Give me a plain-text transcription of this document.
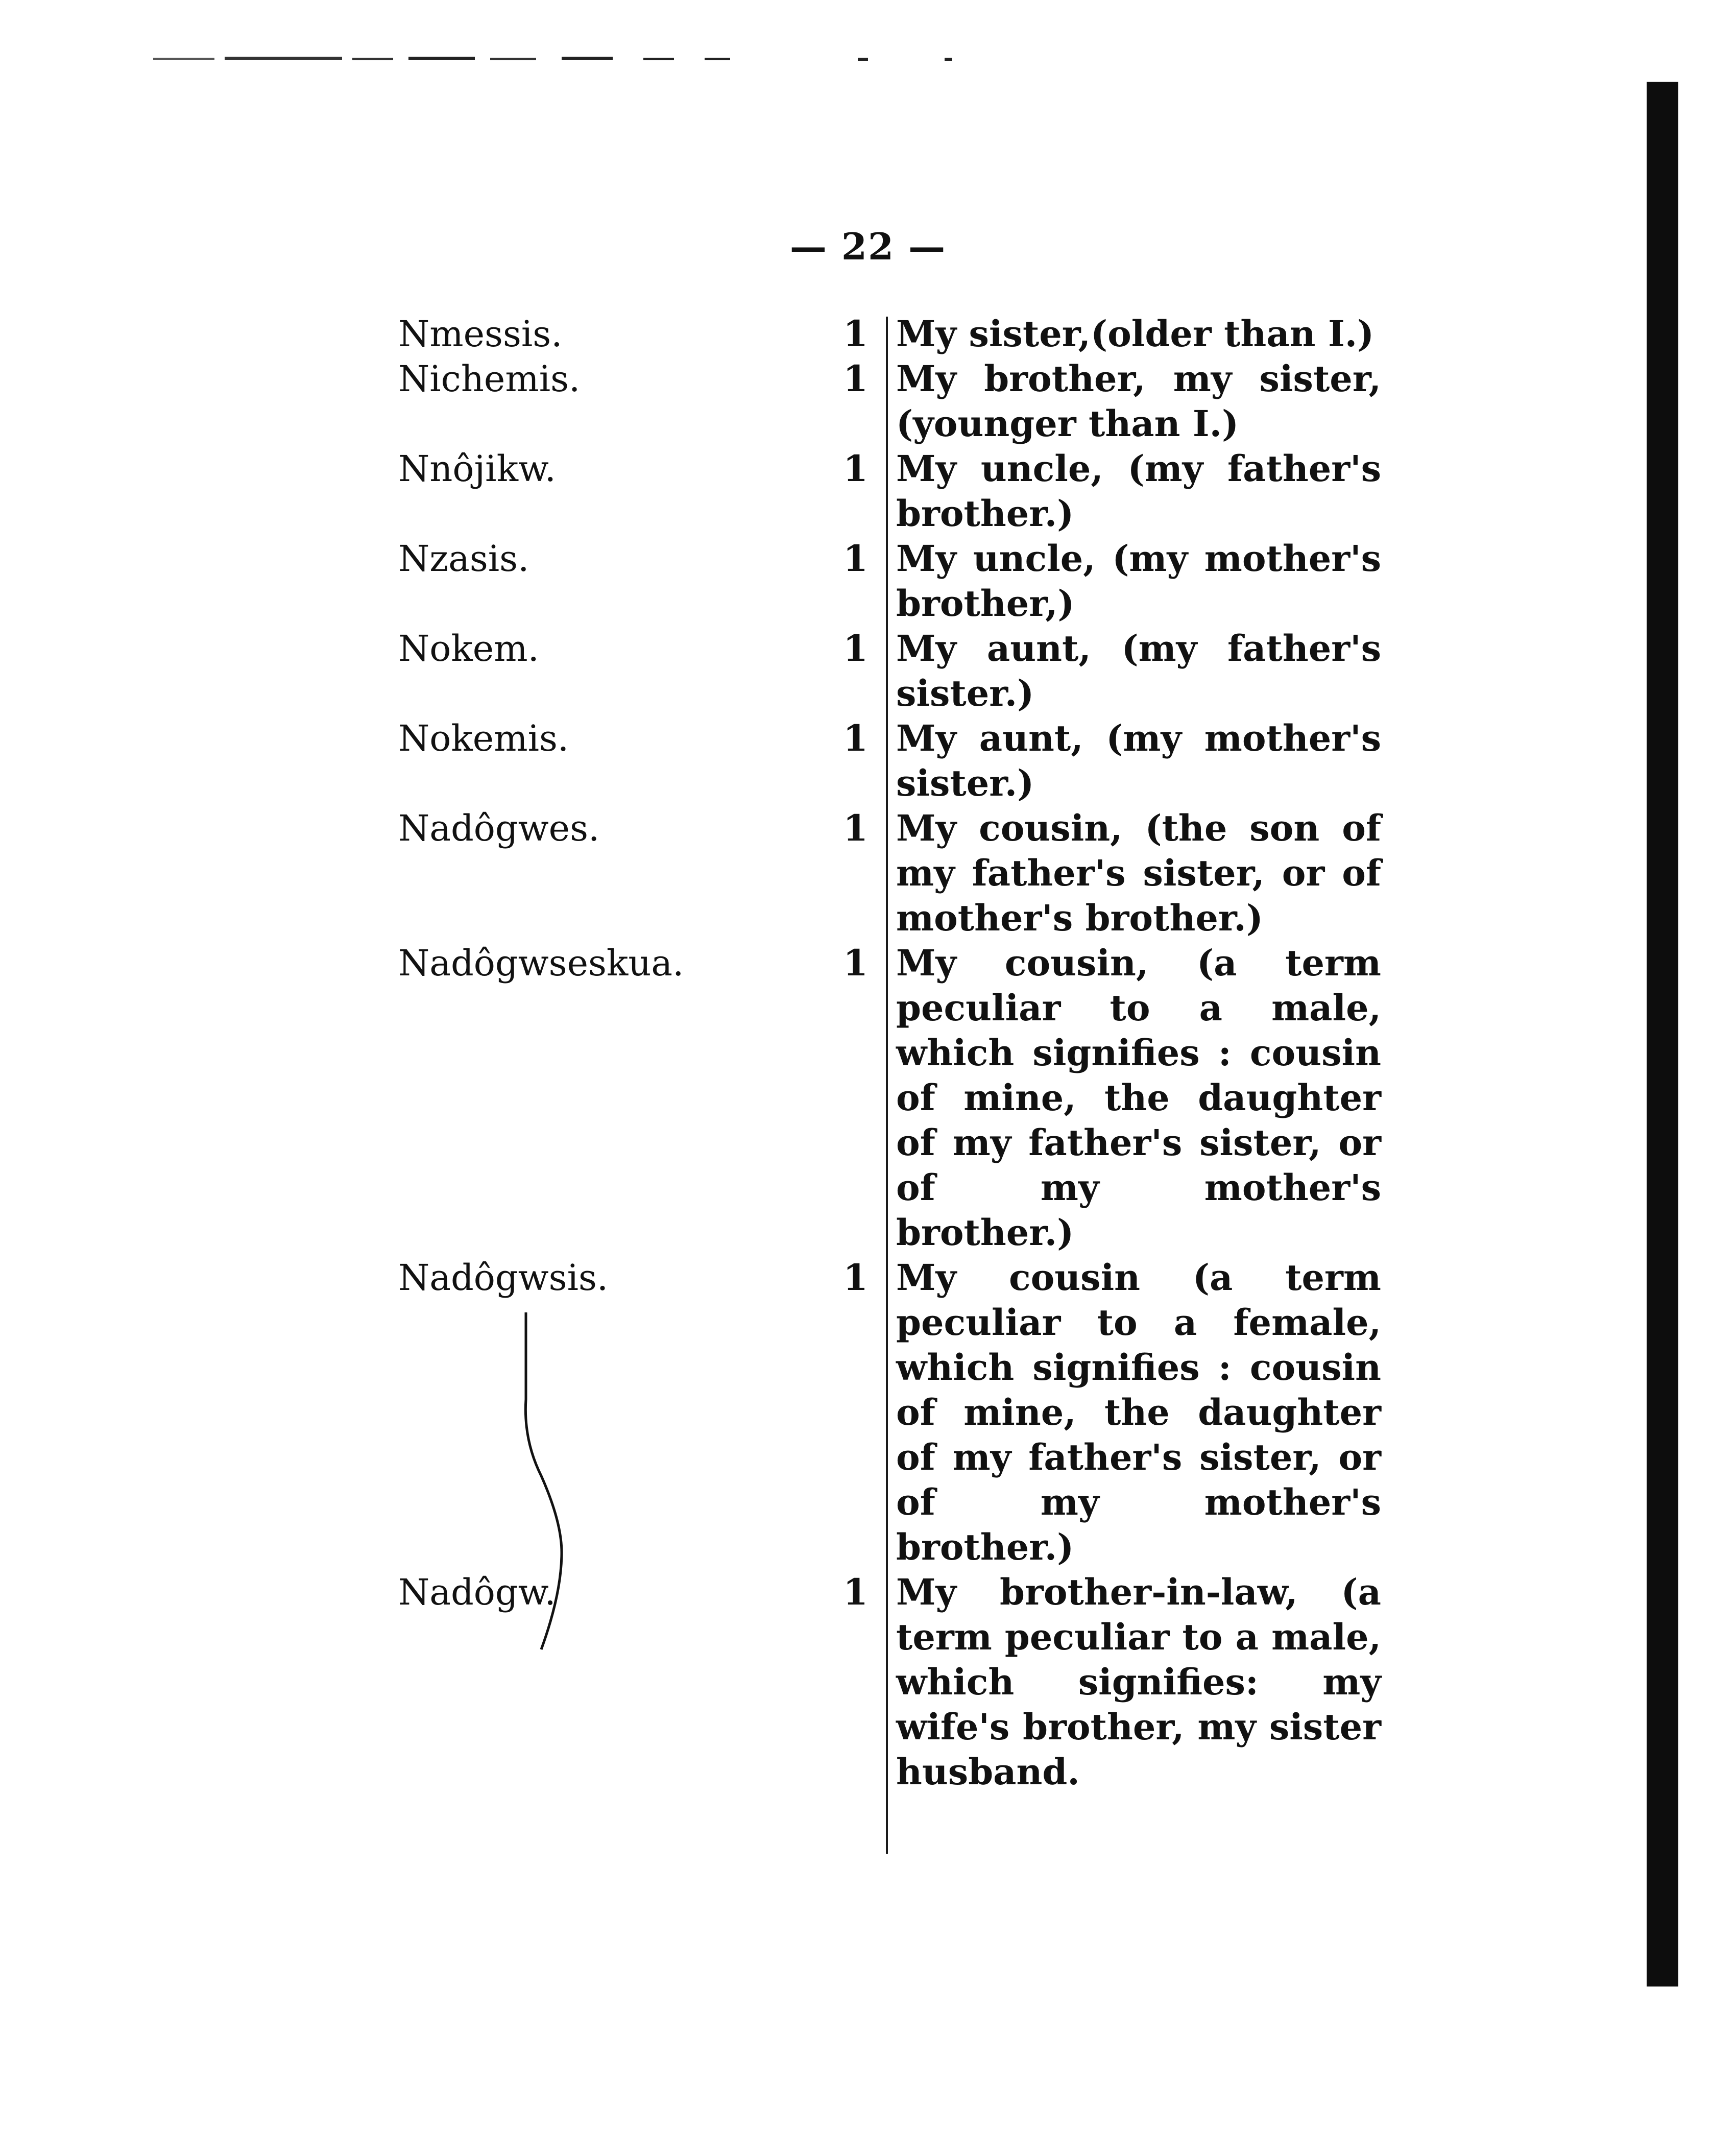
— 22 —
Nmessis.	1 My sister,(older than I.)
Nichemis.	1 My brother, my sister, (younger than I.)
Nnôjikw.	1 My uncle, (my father's brother.)
Nzasis.	1 My uncle, (my mother's brother,)
Nokem.	1 My aunt, (my father's sister.)
Nokemis.	1 My aunt, (my mother's sister.)
Nadôgwes.	1 My cousin, (the son of my father's sister, or of mother's brother.)
Nadôgwseskua.	1 My cousin, (a term peculiar to a male, which signifies : cousin of mine, the daughter of my father's sister, or of my mother's brother.)
Nadôgwsis.	1 My cousin (a term peculiar to a female, which signifies : cousin of mine, the daughter of my father's sister, or of my mother's brother.)
Nadôgw.	1 My brother-in-law, (a term peculiar to a male, which signifies: my wife's brother, my sister husband.
